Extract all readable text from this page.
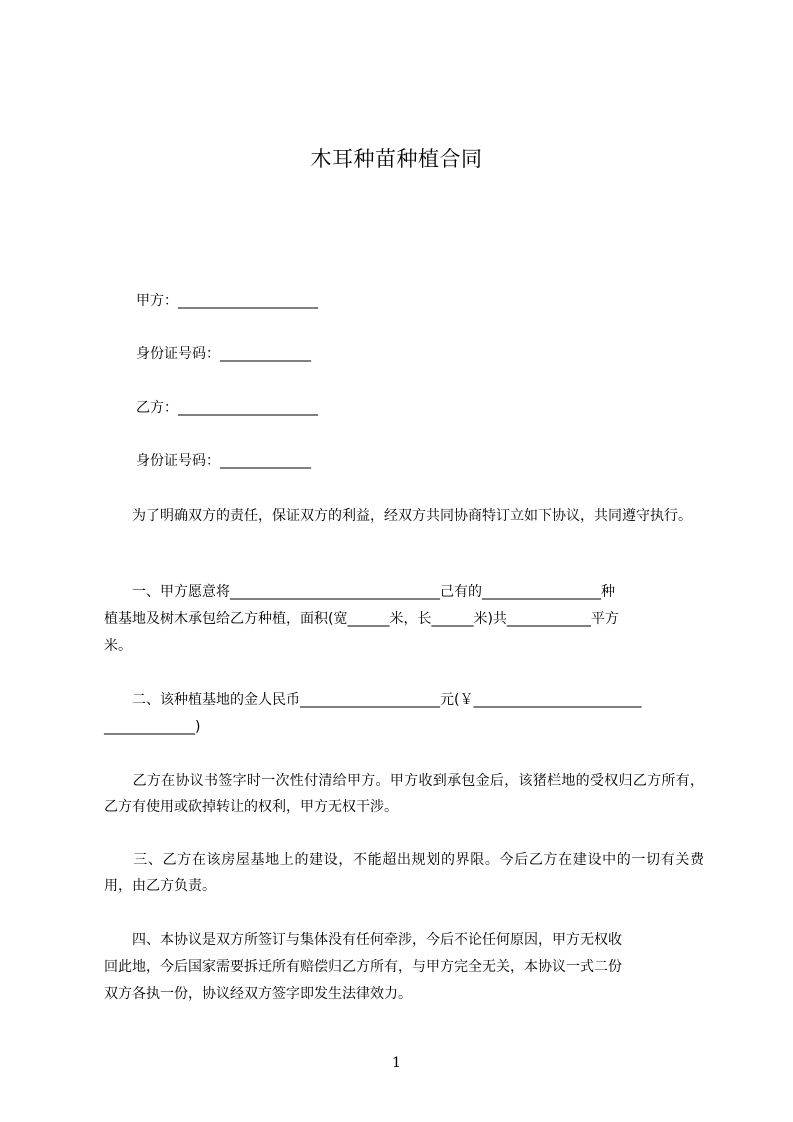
木耳种苗种植合同
甲方：____________________
身份证号码：_____________
乙方：____________________
身份证号码：_____________
　　为了明确双方的责任，保证双方的利益，经双方共同协商特订立如下协议，共同遵守执行。
　　一、甲方愿意将______________________________己有的_________________种
植基地及树木承包给乙方种植，面积(宽______米，长______米)共____________平方
米。
　　二、该种植基地的金人民币____________________元(￥________________________
_____________)
　　乙方在协议书签字时一次性付清给甲方。甲方收到承包金后，该猪栏地的受权归乙方所有，乙方有使用或砍掉转让的权利，甲方无权干涉。
　　三、乙方在该房屋基地上的建设，不能超出规划的界限。今后乙方在建设中的一切有关费用，由乙方负责。
　　四、本协议是双方所签订与集体没有任何牵涉，今后不论任何原因，甲方无权收
回此地，今后国家需要拆迁所有赔偿归乙方所有，与甲方完全无关，本协议一式二份
双方各执一份，协议经双方签字即发生法律效力。
1
